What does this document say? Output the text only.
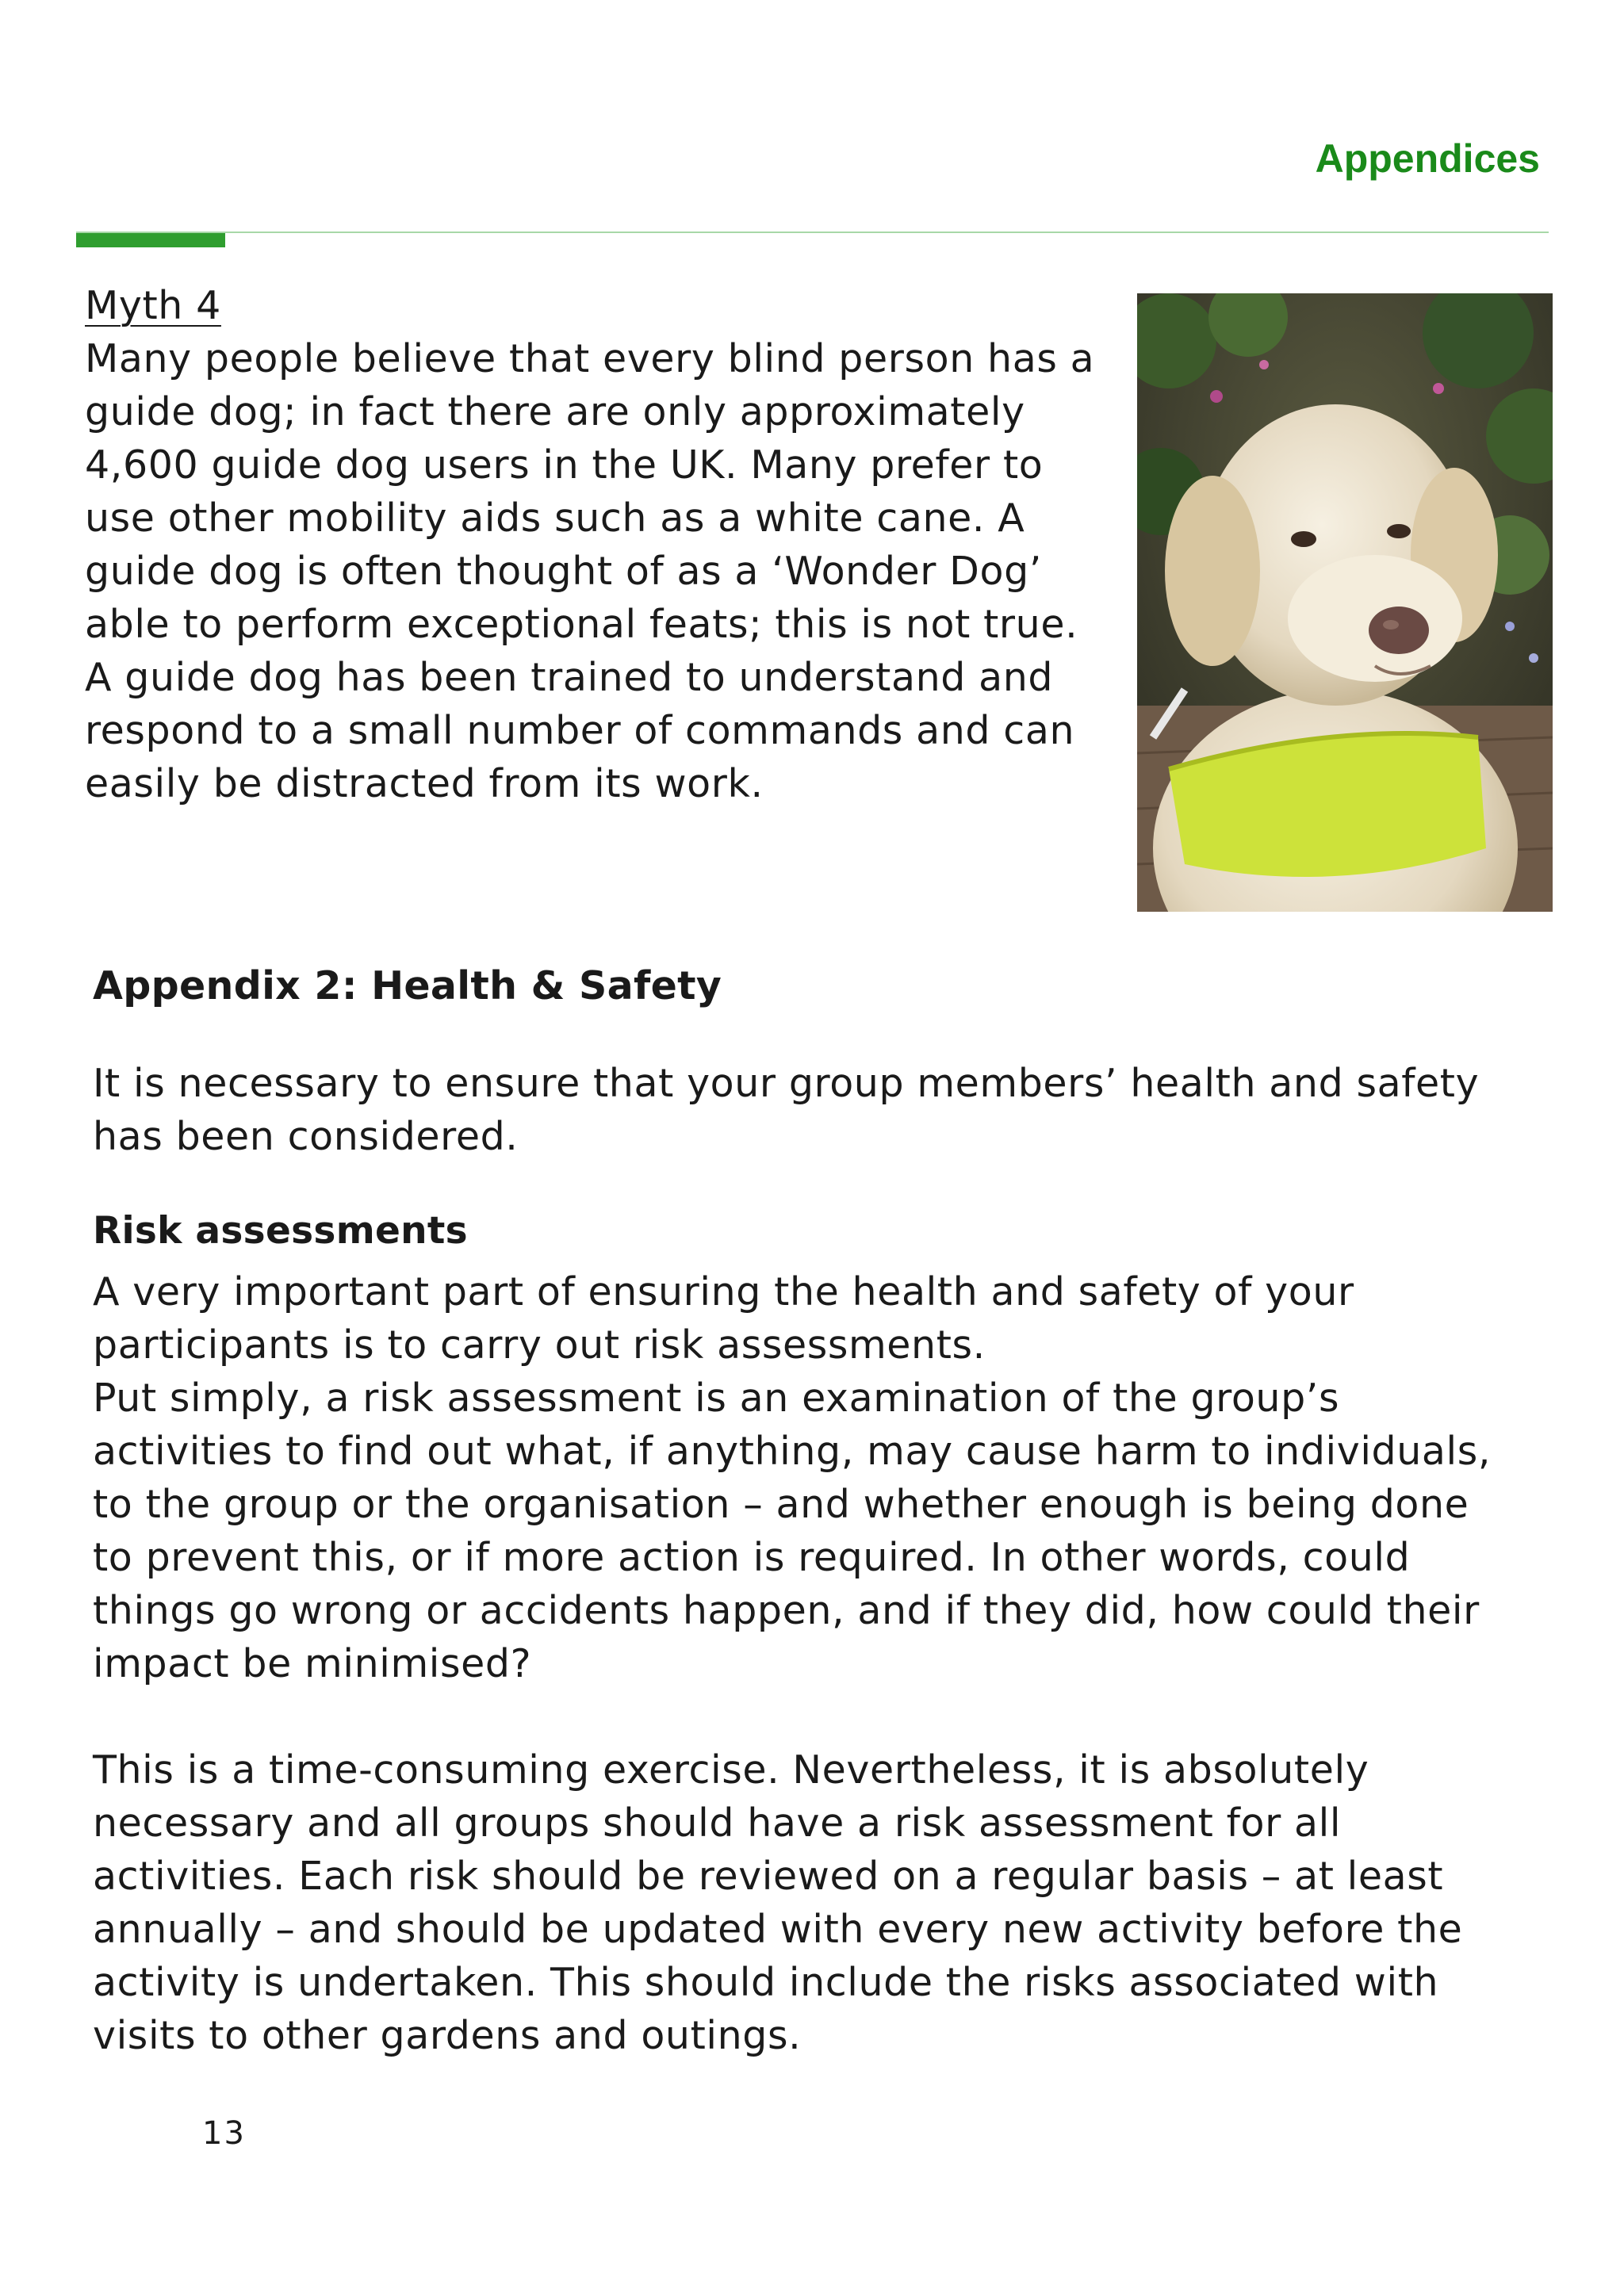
Appendices
Myth 4
Many people believe that every blind person has a
guide dog; in fact there are only approximately
4,600 guide dog users in the UK. Many prefer to
use other mobility aids such as a white cane. A
guide dog is often thought of as a ‘Wonder Dog’
able to perform exceptional feats; this is not true.
A guide dog has been trained to understand and
respond to a small number of commands and can
easily be distracted from its work.
Appendix 2: Health & Safety
It is necessary to ensure that your group members’ health and safety
has been considered.
Risk assessments
A very important part of ensuring the health and safety of your
participants is to carry out risk assessments.
Put simply, a risk assessment is an examination of the group’s
activities to find out what, if anything, may cause harm to individuals,
to the group or the organisation – and whether enough is being done
to prevent this, or if more action is required. In other words, could
things go wrong or accidents happen, and if they did, how could their
impact be minimised?
This is a time-consuming exercise. Nevertheless, it is absolutely
necessary and all groups should have a risk assessment for all
activities. Each risk should be reviewed on a regular basis – at least
annually – and should be updated with every new activity before the
activity is undertaken. This should include the risks associated with
visits to other gardens and outings.
13
